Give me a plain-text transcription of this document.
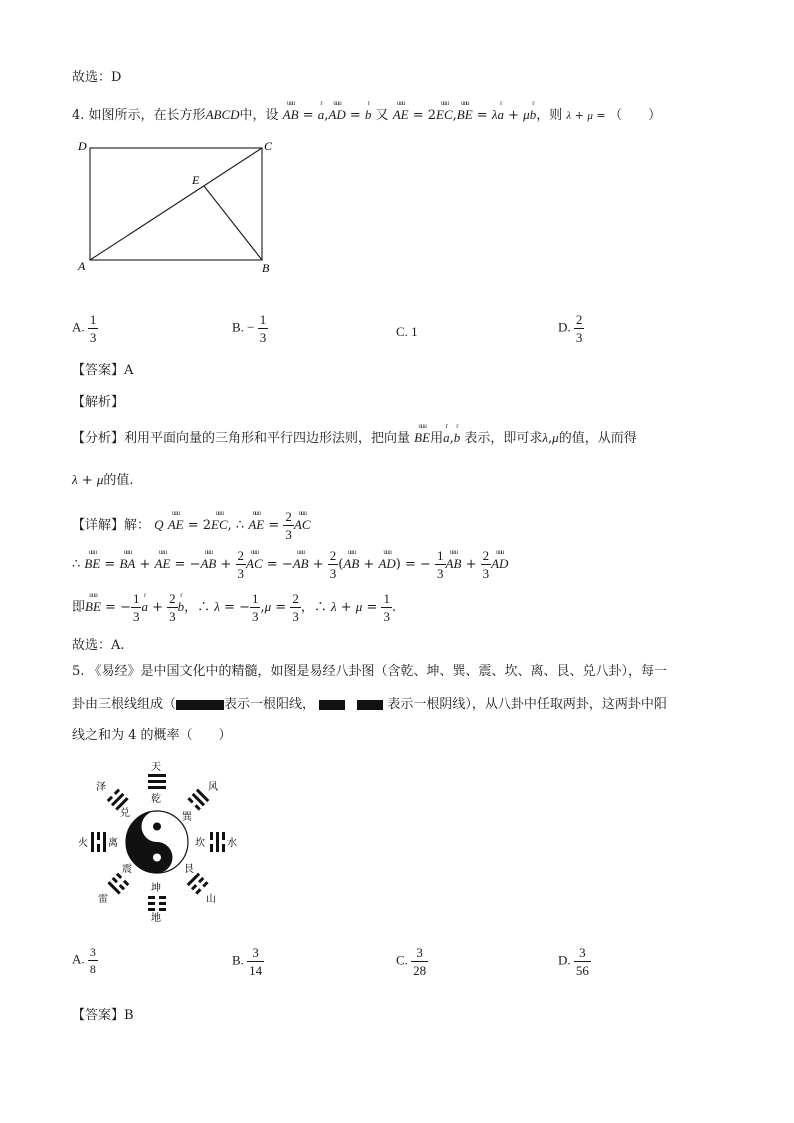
故选：D
4. 如图所示，在长方形ABCD中，设
uuu
AB =
r
a,
uuu
AD =
r
b 又
uuu
AE = 2
uuu
EC,
uuu
BE = λ
r
a + μ
r
b，则 λ + μ = （　　）
D	C
A	B
E
A. $\frac{1}{3}$	B. − $\frac{1}{3}$	C. 1	D. $\frac{2}{3}$
【答案】A
【解析】
【分析】利用平面向量的三角形和平行四边形法则，把向量
uuu
BE用
r
a,
r
b 表示，即可求λ,μ的值，从而得
λ + μ的值.
【详解】解： Q
uuu
AE = 2
uuu
EC, ∴
uuu
AE = $\frac{2}{3}$ uuu
AC
∴
uuu
BE =
uuu
BA +
uuu
AE = −
uuu
AB + $\frac{2}{3}$ uuu
AC = −
uuu
AB + $\frac{2}{3}$ (
uuu
AB +
uuu
AD) = − $\frac{1}{3}$ uuu
AB + $\frac{2}{3}$ uuu
AD
即
uuu
BE = − $\frac{1}{3}$ r
$a + \frac{2}{3}$ r
b，∴ λ = − $\frac{1}{3} ,\mu = \frac{2}{3}$ ，∴ $\lambda + \mu = \frac{1}{3}$ .
故选：A.
5. 《易经》是中国文化中的精髓，如图是易经八卦图（含乾、坤、巽、震、坎、离、艮、兑八卦），每一
卦由三根线组成（	表示一根阳线，	表示一根阴线），从八卦中任取两卦，这两卦中阳
线之和为 4 的概率（　　）
天
乾
坤
地
火 离	坎 水
泽
兑
风
巽
震
雷
艮
山
A. $\frac{3}{8}$	B. $\frac{3}{14}$	C. $\frac{3}{28}$	D. $\frac{3}{56}$
【答案】B
